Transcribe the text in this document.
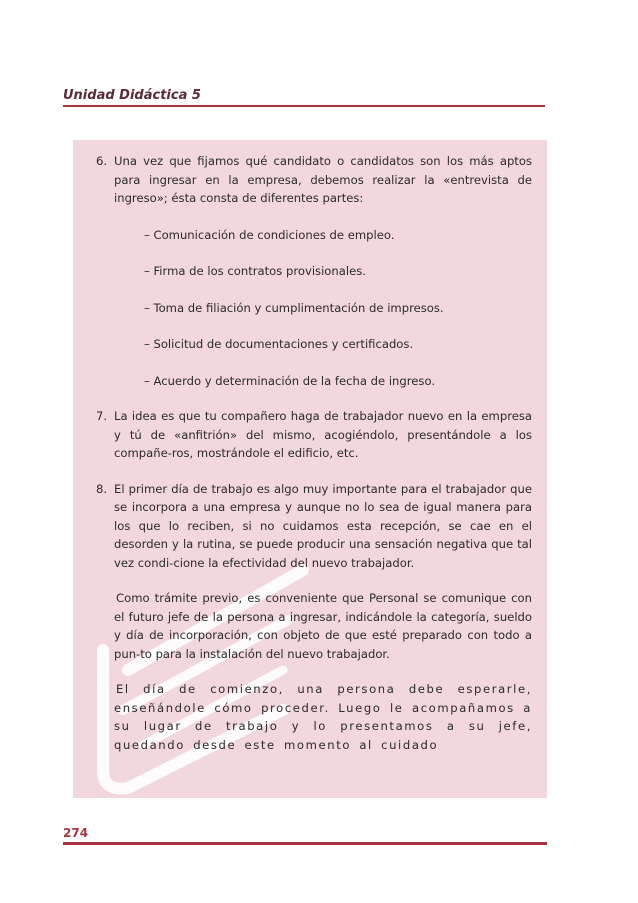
Unidad Didáctica 5
6. Una vez que fijamos qué candidato o candidatos son los más aptos para ingresar en la empresa, debemos realizar la «entrevista de ingreso»; ésta consta de diferentes partes:

– Comunicación de condiciones de empleo.
– Firma de los contratos provisionales.
– Toma de filiación y cumplimentación de impresos.
– Solicitud de documentaciones y certificados.
– Acuerdo y determinación de la fecha de ingreso.
7. La idea es que tu compañero haga de trabajador nuevo en la empresa y tú de «anfitrión» del mismo, acogiéndolo, presentándole a los compañe-ros, mostrándole el edificio, etc.

8. El primer día de trabajo es algo muy importante para el trabajador que se incorpora a una empresa y aunque no lo sea de igual manera para los que lo reciben, si no cuidamos esta recepción, se cae en el desorden y la rutina, se puede producir una sensación negativa que tal vez condi-cione la efectividad del nuevo trabajador.

Como trámite previo, es conveniente que Personal se comunique con el futuro jefe de la persona a ingresar, indicándole la categoría, sueldo y día de incorporación, con objeto de que esté preparado con todo a pun-to para la instalación del nuevo trabajador.

El día de comienzo, una persona debe esperarle, enseñándole cómo proceder. Luego le acompañamos a su lugar de trabajo y lo presentamos a su jefe, quedando desde este momento al cuidado

274
